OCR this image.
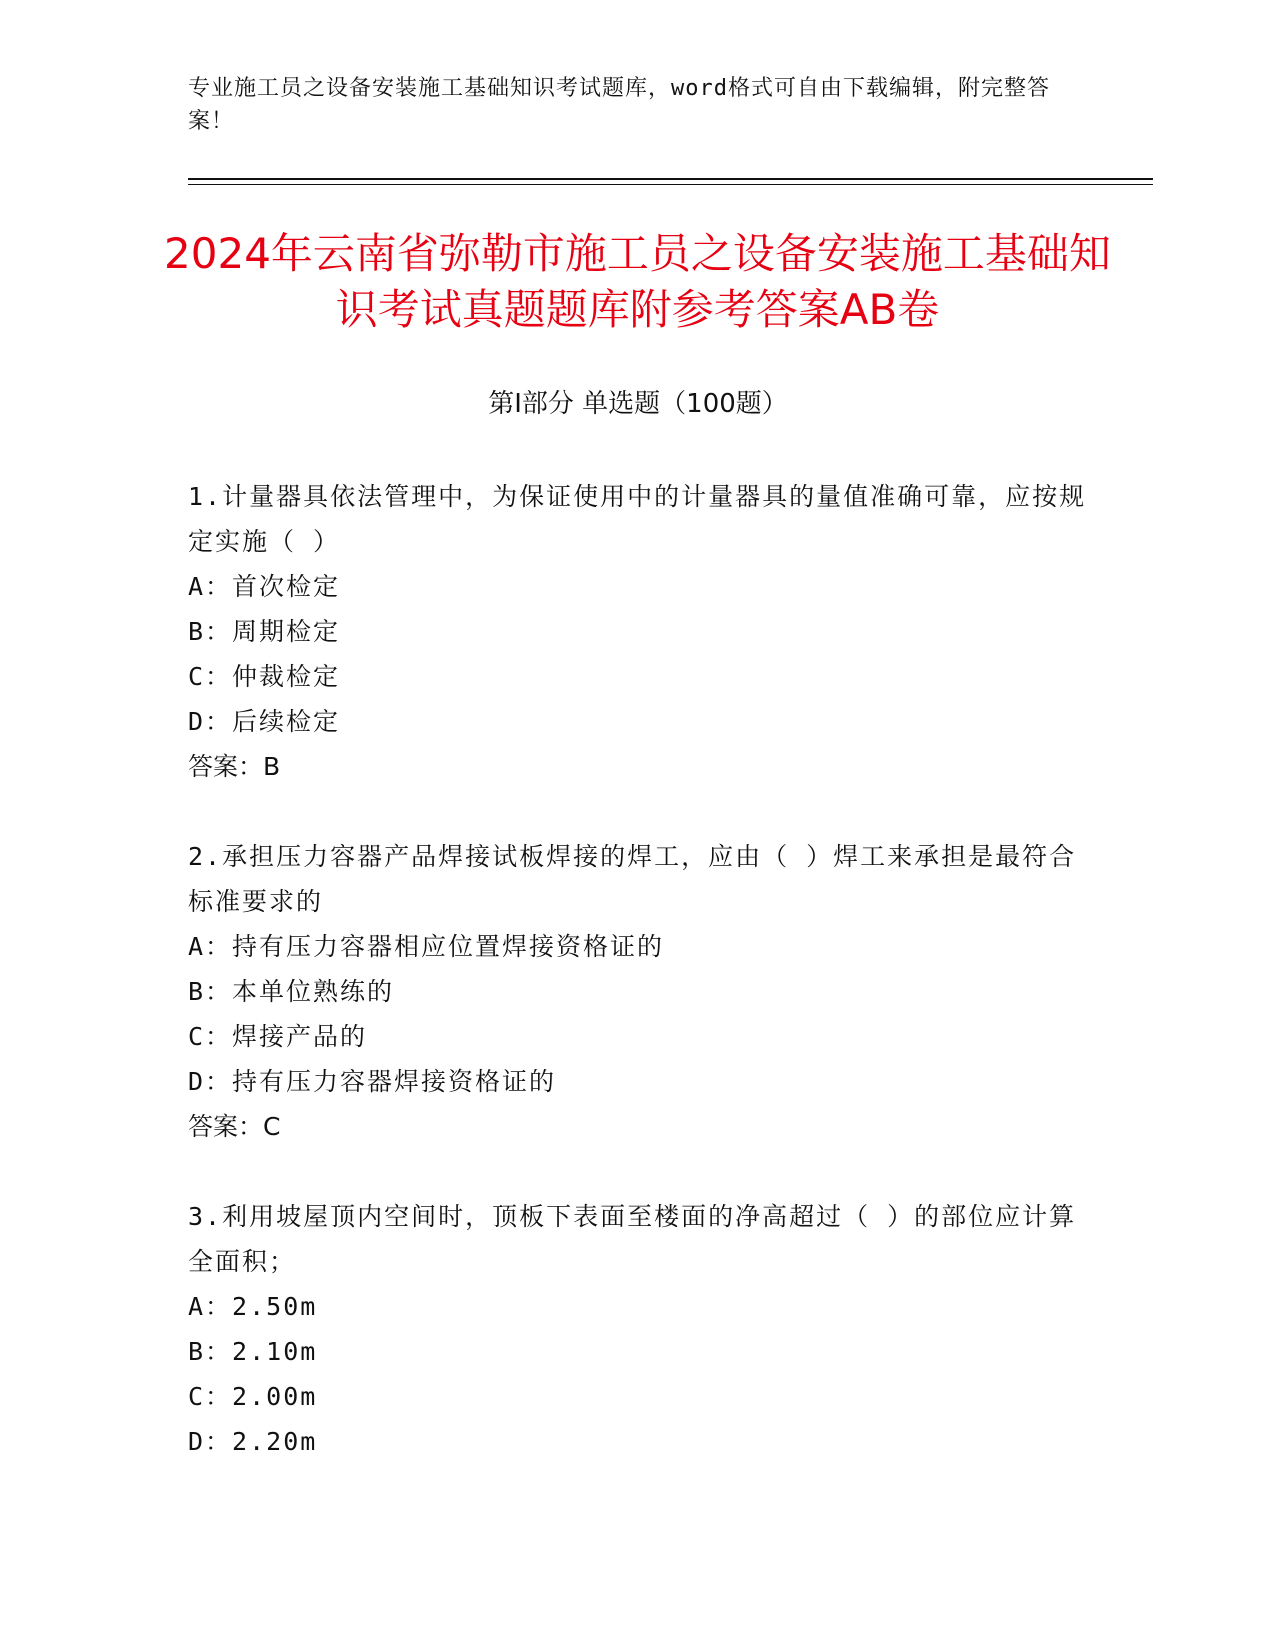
专业施工员之设备安装施工基础知识考试题库，word格式可自由下载编辑，附完整答案！
2024年云南省弥勒市施工员之设备安装施工基础知识考试真题题库附参考答案AB卷
第I部分 单选题（100题）
1.计量器具依法管理中，为保证使用中的计量器具的量值准确可靠，应按规定实施（ ）
A：首次检定
B：周期检定
C：仲裁检定
D：后续检定
答案：B
2.承担压力容器产品焊接试板焊接的焊工，应由（ ）焊工来承担是最符合标准要求的
A：持有压力容器相应位置焊接资格证的
B：本单位熟练的
C：焊接产品的
D：持有压力容器焊接资格证的
答案：C
3.利用坡屋顶内空间时，顶板下表面至楼面的净高超过（ ）的部位应计算全面积；
A：2.50m
B：2.10m
C：2.00m
D：2.20m
